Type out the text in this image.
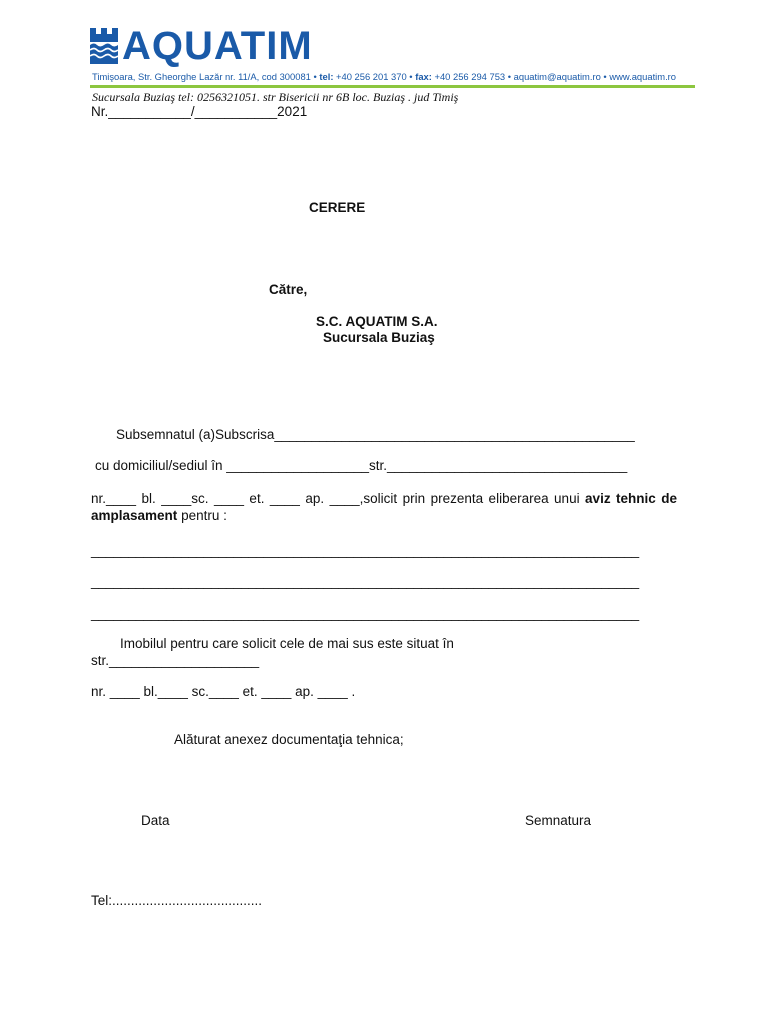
AQUATIM
Timişoara, Str. Gheorghe Lazăr nr. 11/A, cod 300081 • tel: +40 256 201 370 • fax: +40 256 294 753 • aquatim@aquatim.ro • www.aquatim.ro
Sucursala Buziaş tel: 0256321051. str Bisericii nr 6B loc. Buziaş . jud Timiş
Nr.___________/___________2021
CERERE
Către,
S.C. AQUATIM S.A.
Sucursala Buziaş
Subsemnatul (a)Subscrisa________________________________________________
cu domiciliul/sediul în ___________________str.________________________________
nr.____ bl. ____sc. ____ et. ____ ap. ____,solicit prin prezenta eliberarea unui aviz tehnic de amplasament pentru :
_________________________________________________________________________
_________________________________________________________________________
_________________________________________________________________________
Imobilul pentru care solicit cele de mai sus este situat în
str.____________________
nr. ____ bl.____ sc.____ et. ____ ap. ____ .
Alăturat anexez documentaţia tehnica;
Data	Semnatura
Tel:........................................
